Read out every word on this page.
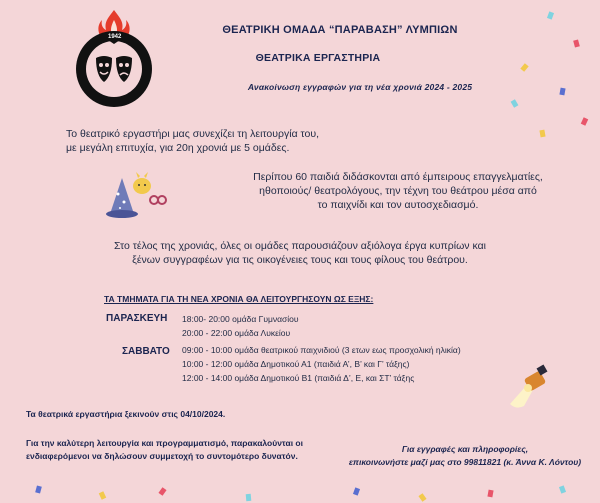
1942
ΘΕΑΤΡΙΚΗ ΟΜΑΔΑ “ΠΑΡΑΒΑΣΗ” ΛΥΜΠΙΩΝ
ΘΕΑΤΡΙΚΑ ΕΡΓΑΣΤΗΡΙΑ
Ανακοίνωση εγγραφών για τη νέα χρονιά 2024 - 2025
Το θεατρικό εργαστήρι μας συνεχίζει τη λειτουργία του,
με μεγάλη επιτυχία, για 20η χρονιά με 5 ομάδες.
Περίπου 60 παιδιά διδάσκονται από έμπειρους επαγγελματίες,
ηθοποιούς/ θεατρολόγους, την τέχνη του θεάτρου μέσα από
το παιχνίδι και τον αυτοσχεδιασμό.
Στο τέλος της χρονιάς, όλες οι ομάδες παρουσιάζουν αξιόλογα έργα κυπρίων και
ξένων συγγραφέων για τις οικογένειες τους και τους φίλους του θεάτρου.
ΤΑ ΤΜΗΜΑΤΑ ΓΙΑ ΤΗ ΝΕΑ ΧΡΟΝΙΑ ΘΑ ΛΕΙΤΟΥΡΓΗΣΟΥΝ ΩΣ ΕΞΗΣ:
ΠΑΡΑΣΚΕΥΗ 18:00- 20:00 ομάδα Γυμνασίου
20:00 - 22:00 ομάδα Λυκείου
ΣΑΒΒΑΤΟ 09:00 - 10:00 ομάδα θεατρικού παιχνιδιού (3 ετων εως προσχολική ηλικία)
10:00 - 12:00 ομάδα Δημοτικού Α1 (παιδιά Α’, Β’ και Γ’ τάξης)
12:00 - 14:00 ομάδα Δημοτικού Β1 (παιδιά Δ’, Ε, και ΣΤ’ τάξης
Τα θεατρικά εργαστήρια ξεκινούν στις 04/10/2024.
Για την καλύτερη λειτουργία και προγραμματισμό, παρακαλούνται οι
ενδιαφερόμενοι να δηλώσουν συμμετοχή το συντομότερο δυνατόν.
Για εγγραφές και πληροφορίες,
επικοινωνήστε μαζί μας στο 99811821 (κ. Άννα Κ. Λόντου)
